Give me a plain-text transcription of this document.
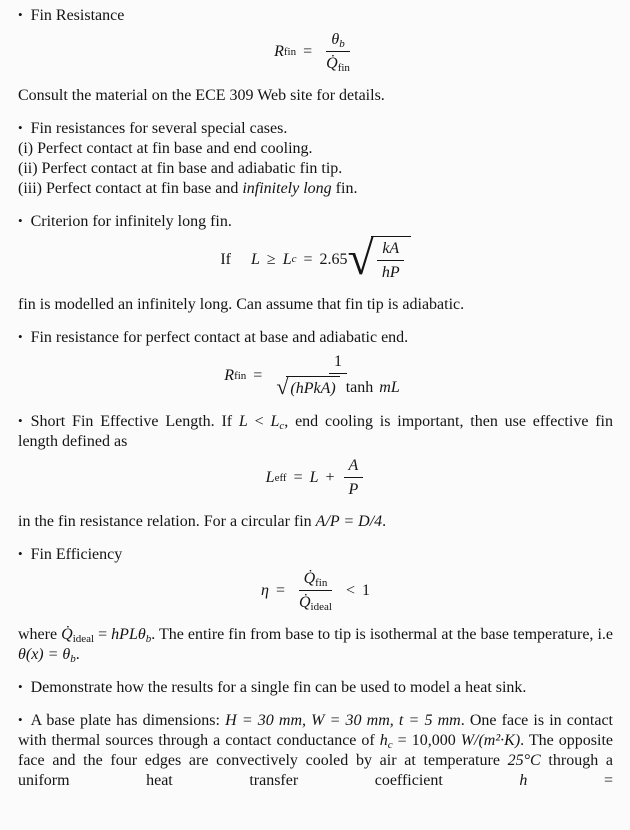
• Fin Resistance

R fin = $\frac{\theta_b}{Q̇_{fin}}$

Consult the material on the ECE 309 Web site for details.

• Fin resistances for several special cases.

(i) Perfect contact at fin base and end cooling.

(ii) Perfect contact at fin base and adiabatic fin tip.

(iii) Perfect contact at fin base and infinitely long fin.

• Criterion for infinitely long fin.

If L ≥ L c = 2.65 √ $\frac{kA}{hP}$

fin is modelled an infinitely long. Can assume that fin tip is adiabatic.

• Fin resistance for perfect contact at base and adiabatic end.

R fin = $\frac{1}{\text{√ (hPkA) tanh mL}}$

• Short Fin Effective Length. If $L < L_c$, end cooling is important, then use effective fin length defined as

L eff = $L + \frac{A}{P}$

in the fin resistance relation. For a circular fin A/P = D/4.

• Fin Efficiency

$\eta = \frac{Q̇_{fin}}{Q̇_{ideal}} < 1$

where $Q̇_{ideal} = hPL\theta_b$. The entire fin from base to tip is isothermal at the base temperature, i.e $\theta(x) = \theta_b$.

• Demonstrate how the results for a single fin can be used to model a heat sink.

• A base plate has dimensions: H = 30 mm, W = 30 mm, t = 5 mm. One face is in contact with thermal sources through a contact conductance of $h_c = 10,000$ W/(m²·K). The opposite face and the four edges are convectively cooled by air at temperature 25°C through a uniform heat transfer coefficient h =
